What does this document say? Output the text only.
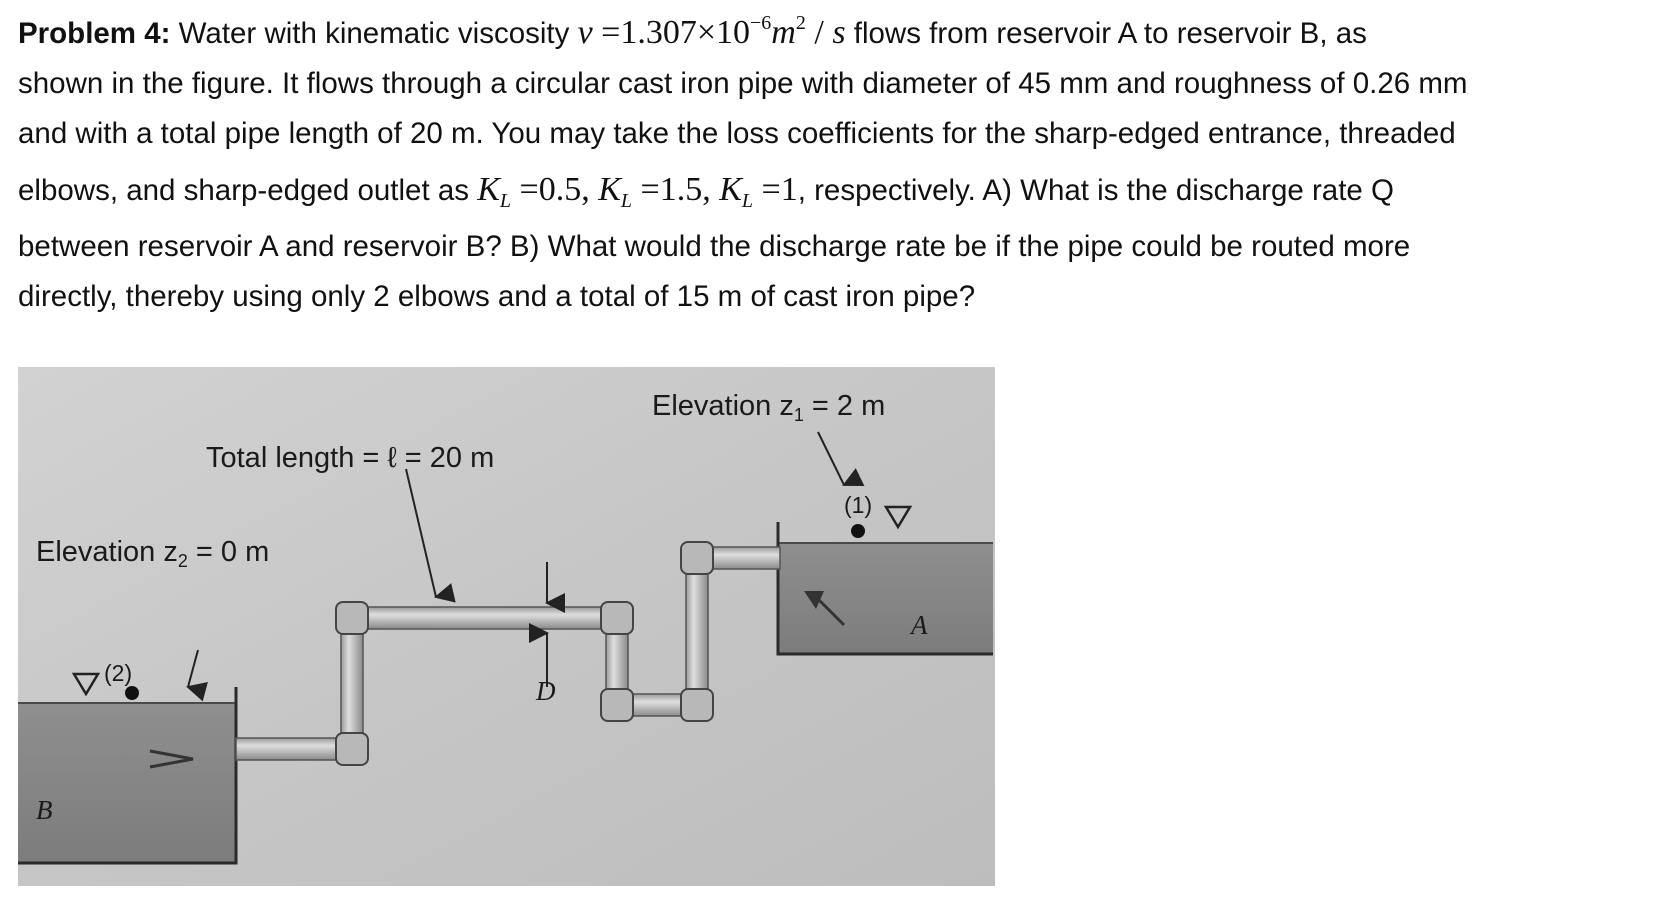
Problem 4: Water with kinematic viscosity $\nu =1.307\times 10^{-6}m^2 / s$ flows from reservoir A to reservoir B, as
shown in the figure. It flows through a circular cast iron pipe with diameter of 45 mm and roughness of 0.26 mm
and with a total pipe length of 20 m. You may take the loss coefficients for the sharp-edged entrance, threaded
elbows, and sharp-edged outlet as $K_L =0.5$, $K_L =1.5$, $K_L =1$, respectively. A) What is the discharge rate Q
between reservoir A and reservoir B? B) What would the discharge rate be if the pipe could be routed more
directly, thereby using only 2 elbows and a total of 15 m of cast iron pipe?
Elevation $z_1 = 2$ m
Total length = ℓ = 20 m
Elevation $z_2 = 0$ m
(1)
(2)
D
A
B
